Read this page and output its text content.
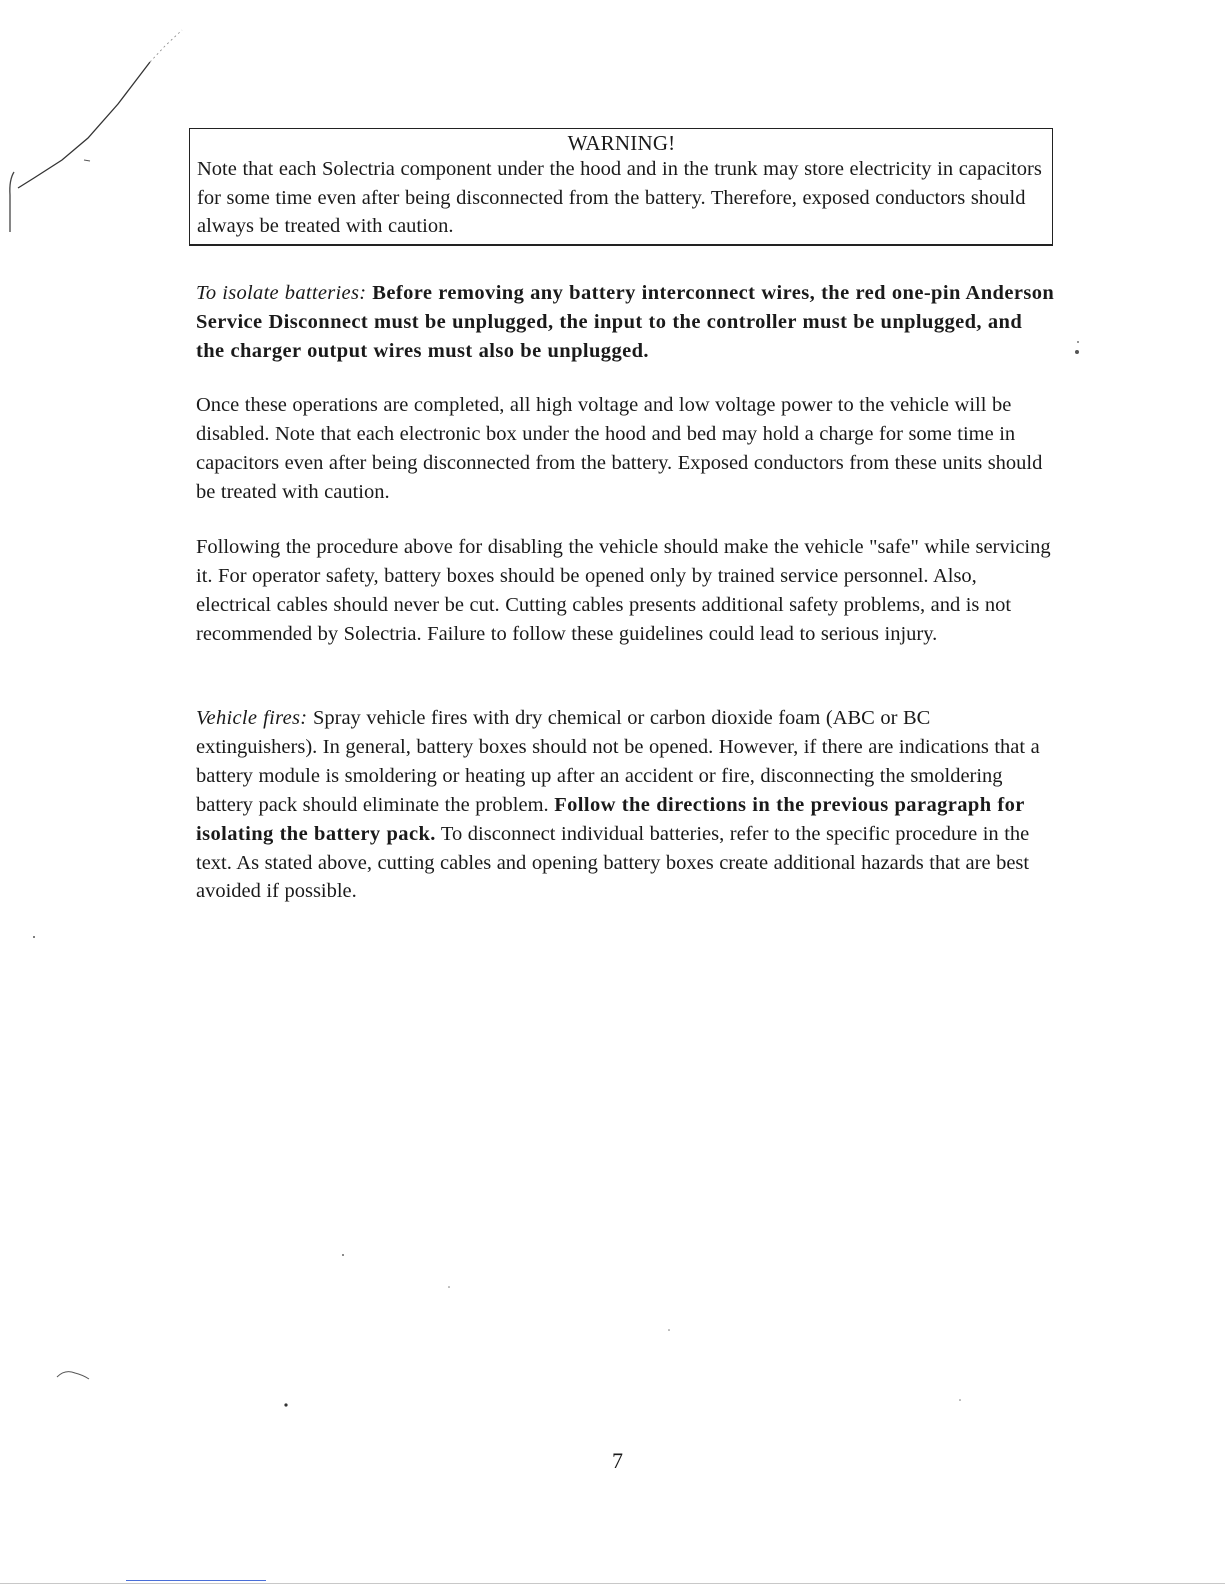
WARNING!

Note that each Solectria component under the hood and in the trunk may store electricity in capacitors for some time even after being disconnected from the battery. Therefore, exposed conductors should always be treated with caution.

To isolate batteries: Before removing any battery interconnect wires, the red one-pin Anderson Service Disconnect must be unplugged, the input to the controller must be unplugged, and the charger output wires must also be unplugged.

Once these operations are completed, all high voltage and low voltage power to the vehicle will be disabled. Note that each electronic box under the hood and bed may hold a charge for some time in capacitors even after being disconnected from the battery. Exposed conductors from these units should be treated with caution.

Following the procedure above for disabling the vehicle should make the vehicle "safe" while servicing it. For operator safety, battery boxes should be opened only by trained service personnel. Also, electrical cables should never be cut. Cutting cables presents additional safety problems, and is not recommended by Solectria. Failure to follow these guidelines could lead to serious injury.

Vehicle fires: Spray vehicle fires with dry chemical or carbon dioxide foam (ABC or BC extinguishers). In general, battery boxes should not be opened. However, if there are indications that a battery module is smoldering or heating up after an accident or fire, disconnecting the smoldering battery pack should eliminate the problem. Follow the directions in the previous paragraph for isolating the battery pack. To disconnect individual batteries, refer to the specific procedure in the text. As stated above, cutting cables and opening battery boxes create additional hazards that are best avoided if possible.

7
